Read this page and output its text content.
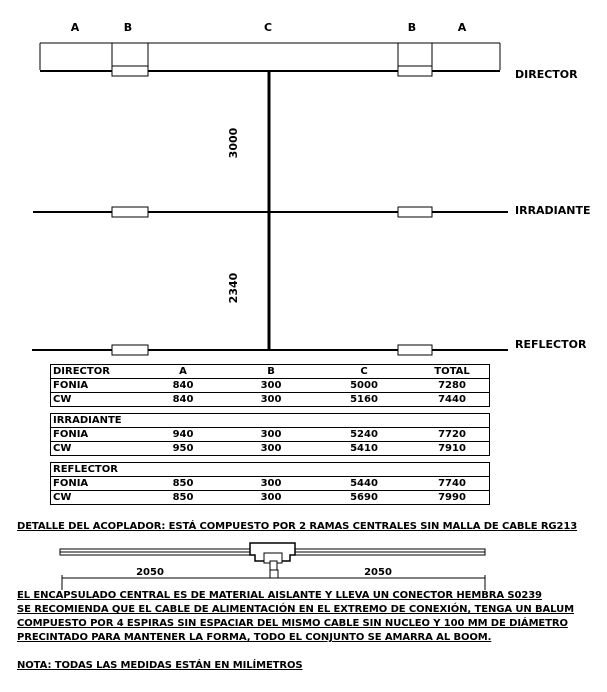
A	B	C	B	A
DIRECTOR
IRRADIANTE
REFLECTOR
3000
2340
2050	2050
DIRECTOR	A	B	C	TOTAL
FONIA	840	300	5000	7280
CW	840	300	5160	7440
IRRADIANTE				
FONIA	940	300	5240	7720
CW	950	300	5410	7910
REFLECTOR				
FONIA	850	300	5440	7740
CW	850	300	5690	7990
DETALLE DEL ACOPLADOR: ESTÁ COMPUESTO POR 2 RAMAS CENTRALES SIN MALLA DE CABLE RG213
EL ENCAPSULADO CENTRAL ES DE MATERIAL AISLANTE Y LLEVA UN CONECTOR HEMBRA S0239
SE RECOMIENDA QUE EL CABLE DE ALIMENTACIÓN EN EL EXTREMO DE CONEXIÓN, TENGA UN BALUM
COMPUESTO POR 4 ESPIRAS SIN ESPACIAR DEL MISMO CABLE SIN NUCLEO Y 100 MM DE DIÁMETRO
PRECINTADO PARA MANTENER LA FORMA, TODO EL CONJUNTO SE AMARRA AL BOOM.
NOTA: TODAS LAS MEDIDAS ESTÁN EN MILÍMETROS
